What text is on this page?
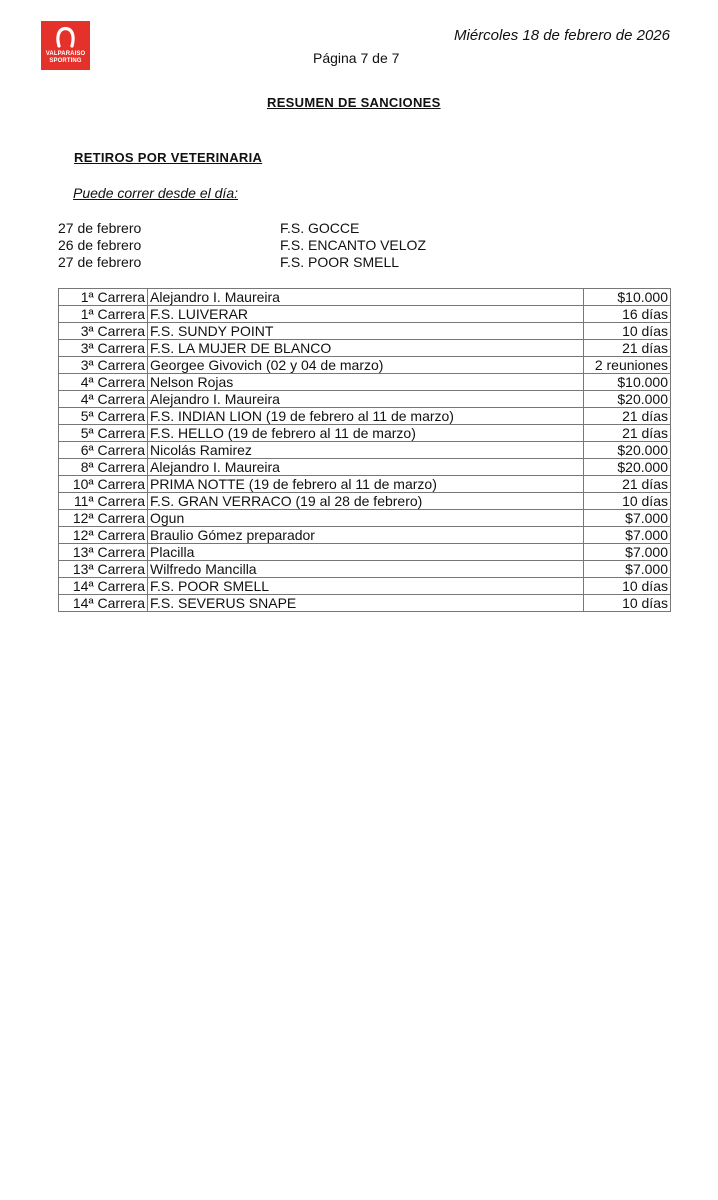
VALPARAISO
SPORTING
Miércoles 18 de febrero de 2026
Página 7 de 7
RESUMEN DE SANCIONES
RETIROS POR VETERINARIA
Puede correr desde el día:
27 de febrero	F.S. GOCCE
26 de febrero	F.S. ENCANTO VELOZ
27 de febrero	F.S. POOR SMELL
1ª Carrera	Alejandro I. Maureira	$10.000
1ª Carrera	F.S. LUIVERAR	16 días
3ª Carrera	F.S. SUNDY POINT	10 días
3ª Carrera	F.S. LA MUJER DE BLANCO	21 días
3ª Carrera	Georgee Givovich (02 y 04 de marzo)	2 reuniones
4ª Carrera	Nelson Rojas	$10.000
4ª Carrera	Alejandro I. Maureira	$20.000
5ª Carrera	F.S. INDIAN LION (19 de febrero al 11 de marzo)	21 días
5ª Carrera	F.S. HELLO (19 de febrero al 11 de marzo)	21 días
6ª Carrera	Nicolás Ramirez	$20.000
8ª Carrera	Alejandro I. Maureira	$20.000
10ª Carrera	PRIMA NOTTE (19 de febrero al 11 de marzo)	21 días
11ª Carrera	F.S. GRAN VERRACO (19 al 28 de febrero)	10 días
12ª Carrera	Ogun	$7.000
12ª Carrera	Braulio Gómez preparador	$7.000
13ª Carrera	Placilla	$7.000
13ª Carrera	Wilfredo Mancilla	$7.000
14ª Carrera	F.S. POOR SMELL	10 días
14ª Carrera	F.S. SEVERUS SNAPE	10 días
